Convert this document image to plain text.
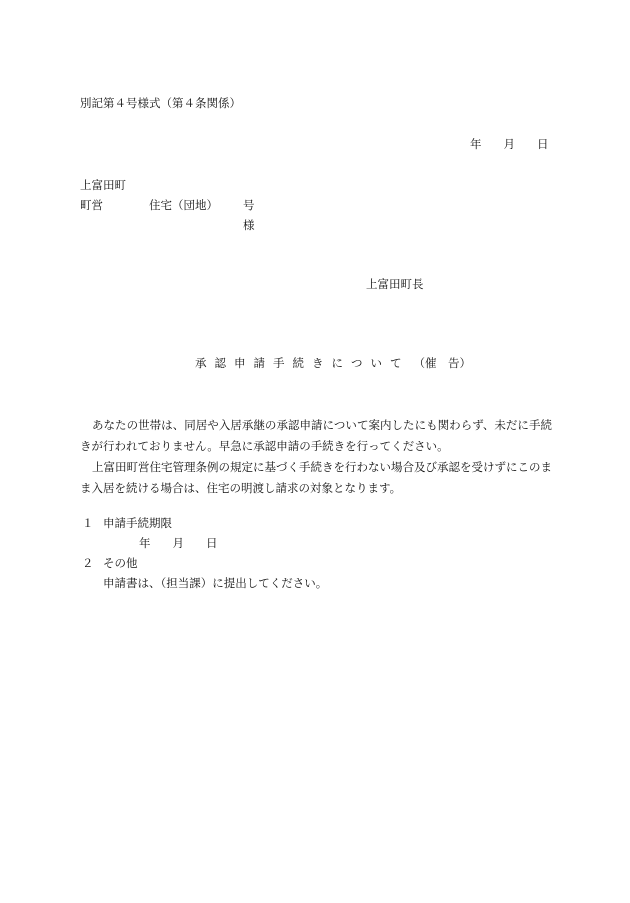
別記第４号様式（第４条関係）
年 月 日
上富田町
町営	住宅（団地） 号
様
上富田町長
承 認 申 請 手 続 き に つ い て （催　告）
あなたの世帯は、同居や入居承継の承認申請について案内したにも関わらず、未だに手続きが行われておりません。早急に承認申請の手続きを行ってください。
上富田町営住宅管理条例の規定に基づく手続きを行わない場合及び承認を受けずにこのまま入居を続ける場合は、住宅の明渡し請求の対象となります。
１ 申請手続期限
年 月 日
２ その他
申請書は、（担当課）に提出してください。
